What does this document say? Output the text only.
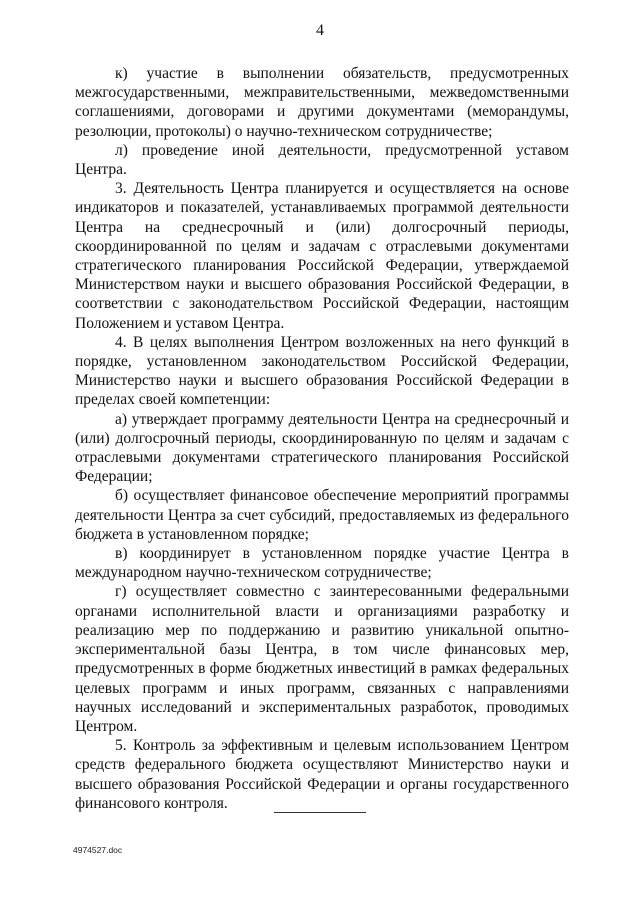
4

к) участие в выполнении обязательств, предусмотренных межгосударственными, межправительственными, межведомственными соглашениями, договорами и другими документами (меморандумы, резолюции, протоколы) о научно-техническом сотрудничестве;

л) проведение иной деятельности, предусмотренной уставом Центра.

3. Деятельность Центра планируется и осуществляется на основе индикаторов и показателей, устанавливаемых программой деятельности Центра на среднесрочный и (или) долгосрочный периоды, скоординированной по целям и задачам с отраслевыми документами стратегического планирования Российской Федерации, утверждаемой Министерством науки и высшего образования Российской Федерации, в соответствии с законодательством Российской Федерации, настоящим Положением и уставом Центра.

4. В целях выполнения Центром возложенных на него функций в порядке, установленном законодательством Российской Федерации, Министерство науки и высшего образования Российской Федерации в пределах своей компетенции:

а) утверждает программу деятельности Центра на среднесрочный и (или) долгосрочный периоды, скоординированную по целям и задачам с отраслевыми документами стратегического планирования Российской Федерации;

б) осуществляет финансовое обеспечение мероприятий программы деятельности Центра за счет субсидий, предоставляемых из федерального бюджета в установленном порядке;

в) координирует в установленном порядке участие Центра в международном научно-техническом сотрудничестве;

г) осуществляет совместно с заинтересованными федеральными органами исполнительной власти и организациями разработку и реализацию мер по поддержанию и развитию уникальной опытно-экспериментальной базы Центра, в том числе финансовых мер, предусмотренных в форме бюджетных инвестиций в рамках федеральных целевых программ и иных программ, связанных с направлениями научных исследований и экспериментальных разработок, проводимых Центром.

5. Контроль за эффективным и целевым использованием Центром средств федерального бюджета осуществляют Министерство науки и высшего образования Российской Федерации и органы государственного финансового контроля.

4974527.doc
